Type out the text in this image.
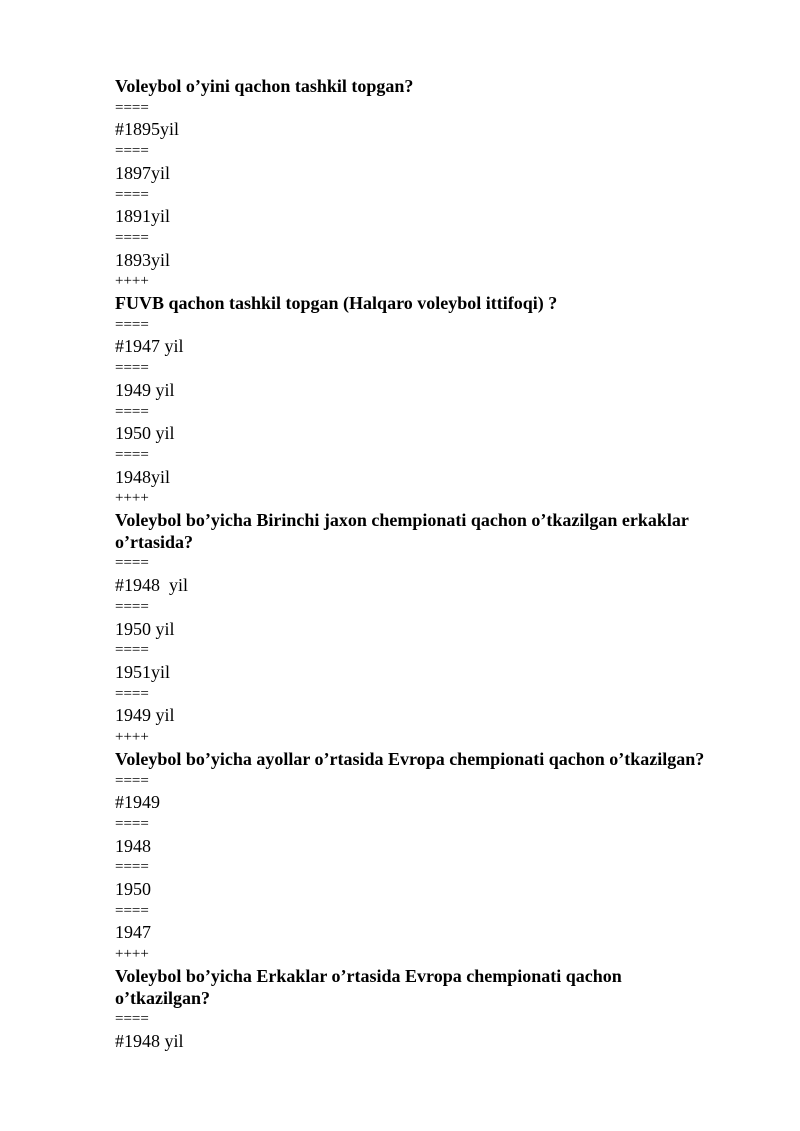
Voleybol o’yini qachon tashkil topgan?
====
#1895yil
====
1897yil
====
1891yil
====
1893yil
++++
FUVB qachon tashkil topgan (Halqaro voleybol ittifoqi) ?
====
#1947 yil
====
1949 yil
====
1950 yil
====
1948yil
++++
Voleybol bo’yicha Birinchi jaxon chempionati qachon o’tkazilgan erkaklar o’rtasida?
====
#1948  yil
====
1950 yil
====
1951yil
====
1949 yil
++++
Voleybol bo’yicha ayollar o’rtasida Evropa chempionati qachon o’tkazilgan?
====
#1949
====
1948
====
1950
====
1947
++++
Voleybol bo’yicha Erkaklar o’rtasida Evropa chempionati qachon o’tkazilgan?
====
#1948 yil
